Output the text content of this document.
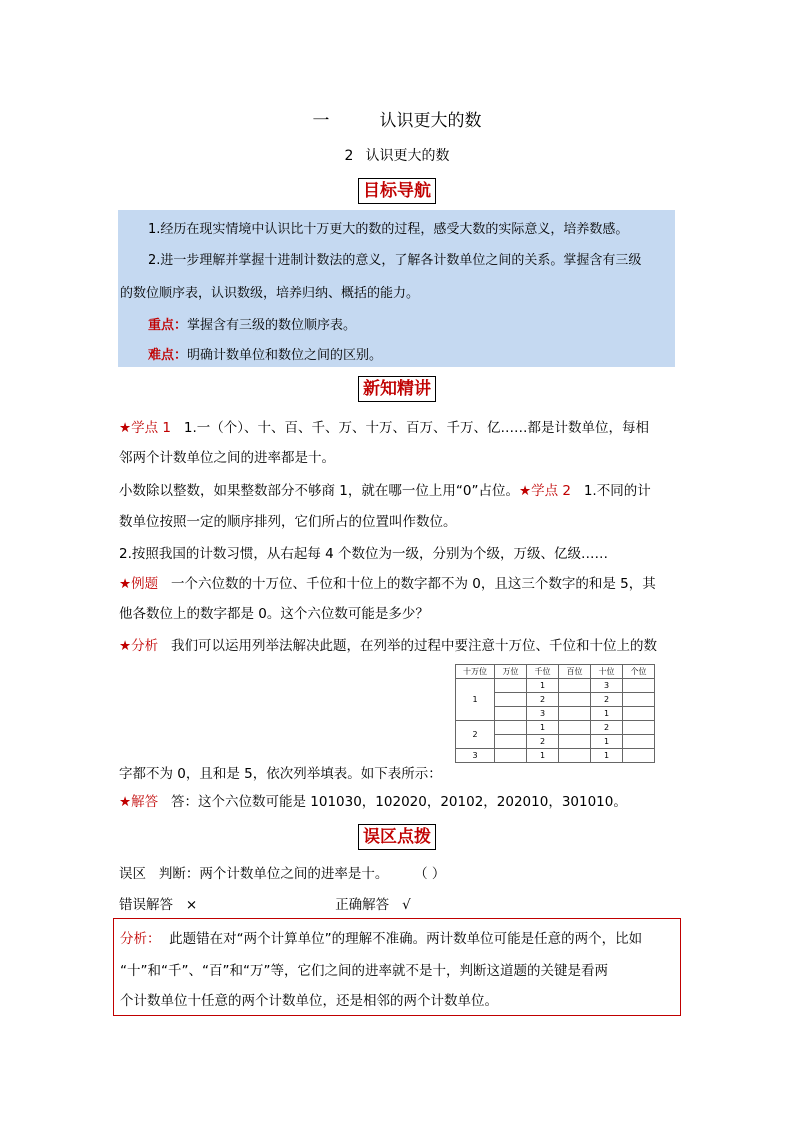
一	认识更大的数
2 认识更大的数
目标导航

1.经历在现实情境中认识比十万更大的数的过程，感受大数的实际意义，培养数感。

2.进一步理解并掌握十进制计数法的意义，了解各计数单位之间的关系。掌握含有三级

的数位顺序表，认识数级，培养归纳、概括的能力。

重点：掌握含有三级的数位顺序表。

难点：明确计数单位和数位之间的区别。

新知精讲
★学点 1 1.一（个）、十、百、千、万、十万、百万、千万、亿……都是计数单位，每相
邻两个计数单位之间的进率都是十。
小数除以整数，如果整数部分不够商 1，就在哪一位上用“0”占位。★学点 2 1.不同的计
数单位按照一定的顺序排列，它们所占的位置叫作数位。
2.按照我国的计数习惯，从右起每 4 个数位为一级，分别为个级，万级、亿级……
★例题 一个六位数的十万位、千位和十位上的数字都不为 0，且这三个数字的和是 5，其
他各数位上的数字都是 0。这个六位数可能是多少？
★分析 我们可以运用列举法解决此题，在列举的过程中要注意十万位、千位和十位上的数
十万位	万位	千位	百位	十位	个位
1		1		3	
		2		2	
		3		1	
2		1		2	
		2		1	
3		1		1	
字都不为 0，且和是 5，依次列举填表。如下表所示：
★解答 答：这个六位数可能是 101030，102020，20102，202010，301010。
误区点拨
误区 判断：两个计数单位之间的进率是十。 （ ）
错误解答 ×	正确解答 √

分析： 此题错在对“两个计算单位”的理解不准确。两计数单位可能是任意的两个，比如

“十”和“千”、“百”和“万”等，它们之间的进率就不是十，判断这道题的关键是看两

个计数单位十任意的两个计数单位，还是相邻的两个计数单位。
